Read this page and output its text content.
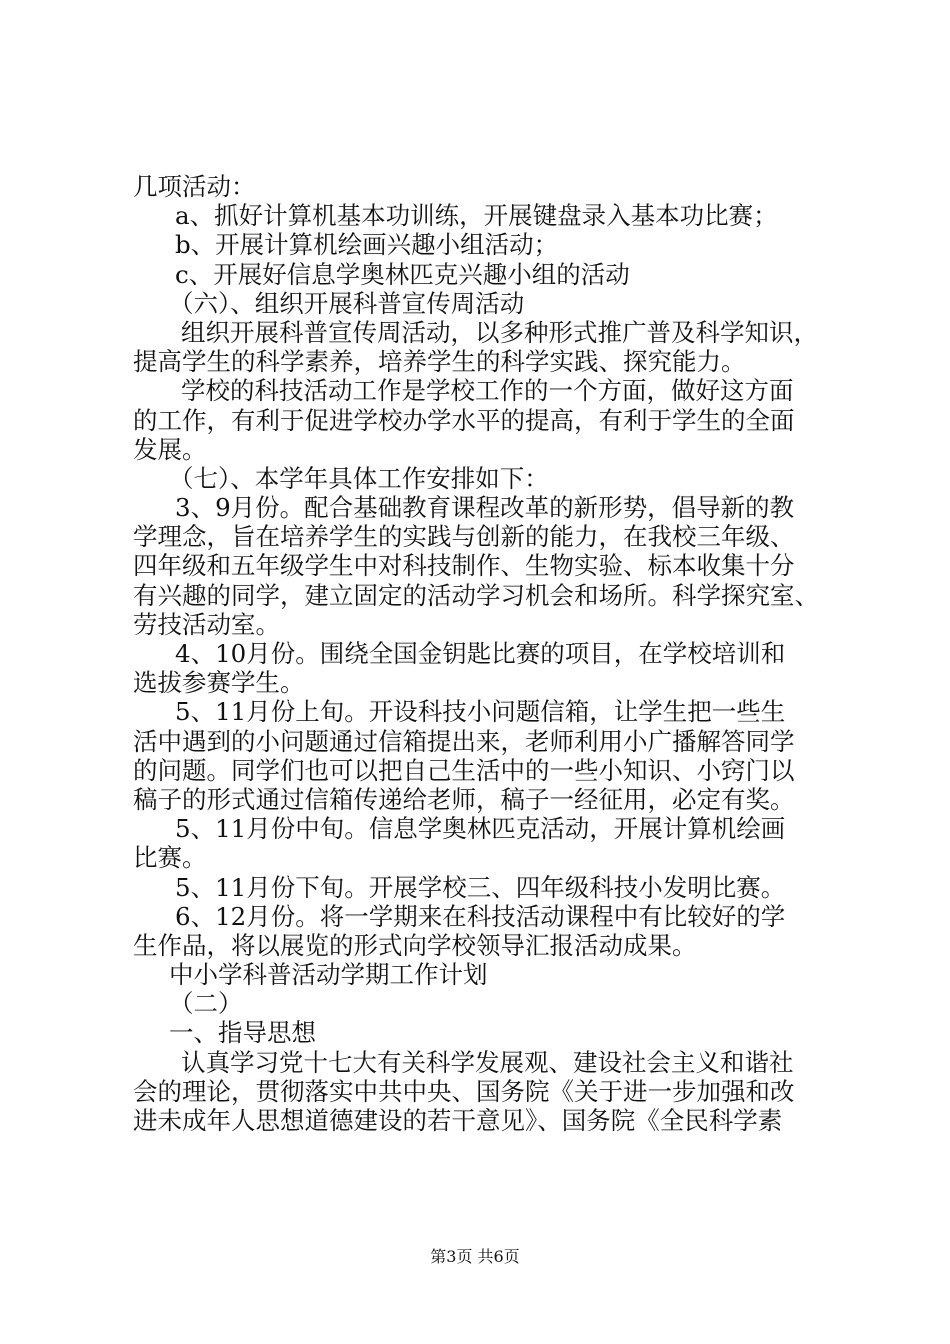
几项活动：
a、抓好计算机基本功训练，开展键盘录入基本功比赛；
b、开展计算机绘画兴趣小组活动；
c、开展好信息学奥林匹克兴趣小组的活动
（六）、组织开展科普宣传周活动
组织开展科普宣传周活动，以多种形式推广普及科学知识，
提高学生的科学素养，培养学生的科学实践、探究能力。
学校的科技活动工作是学校工作的一个方面，做好这方面
的工作，有利于促进学校办学水平的提高，有利于学生的全面
发展。
（七）、本学年具体工作安排如下：
3、9月份。配合基础教育课程改革的新形势，倡导新的教
学理念，旨在培养学生的实践与创新的能力，在我校三年级、
四年级和五年级学生中对科技制作、生物实验、标本收集十分
有兴趣的同学，建立固定的活动学习机会和场所。科学探究室、
劳技活动室。
4、10月份。围绕全国金钥匙比赛的项目，在学校培训和
选拔参赛学生。
5、11月份上旬。开设科技小问题信箱，让学生把一些生
活中遇到的小问题通过信箱提出来，老师利用小广播解答同学
的问题。同学们也可以把自己生活中的一些小知识、小窍门以
稿子的形式通过信箱传递给老师，稿子一经征用，必定有奖。
5、11月份中旬。信息学奥林匹克活动，开展计算机绘画
比赛。
5、11月份下旬。开展学校三、四年级科技小发明比赛。
6、12月份。将一学期来在科技活动课程中有比较好的学
生作品，将以展览的形式向学校领导汇报活动成果。
中小学科普活动学期工作计划
（二）
一、指导思想
认真学习党十七大有关科学发展观、建设社会主义和谐社
会的理论，贯彻落实中共中央、国务院《关于进一步加强和改
进未成年人思想道德建设的若干意见》、国务院《全民科学素
第3页 共6页
